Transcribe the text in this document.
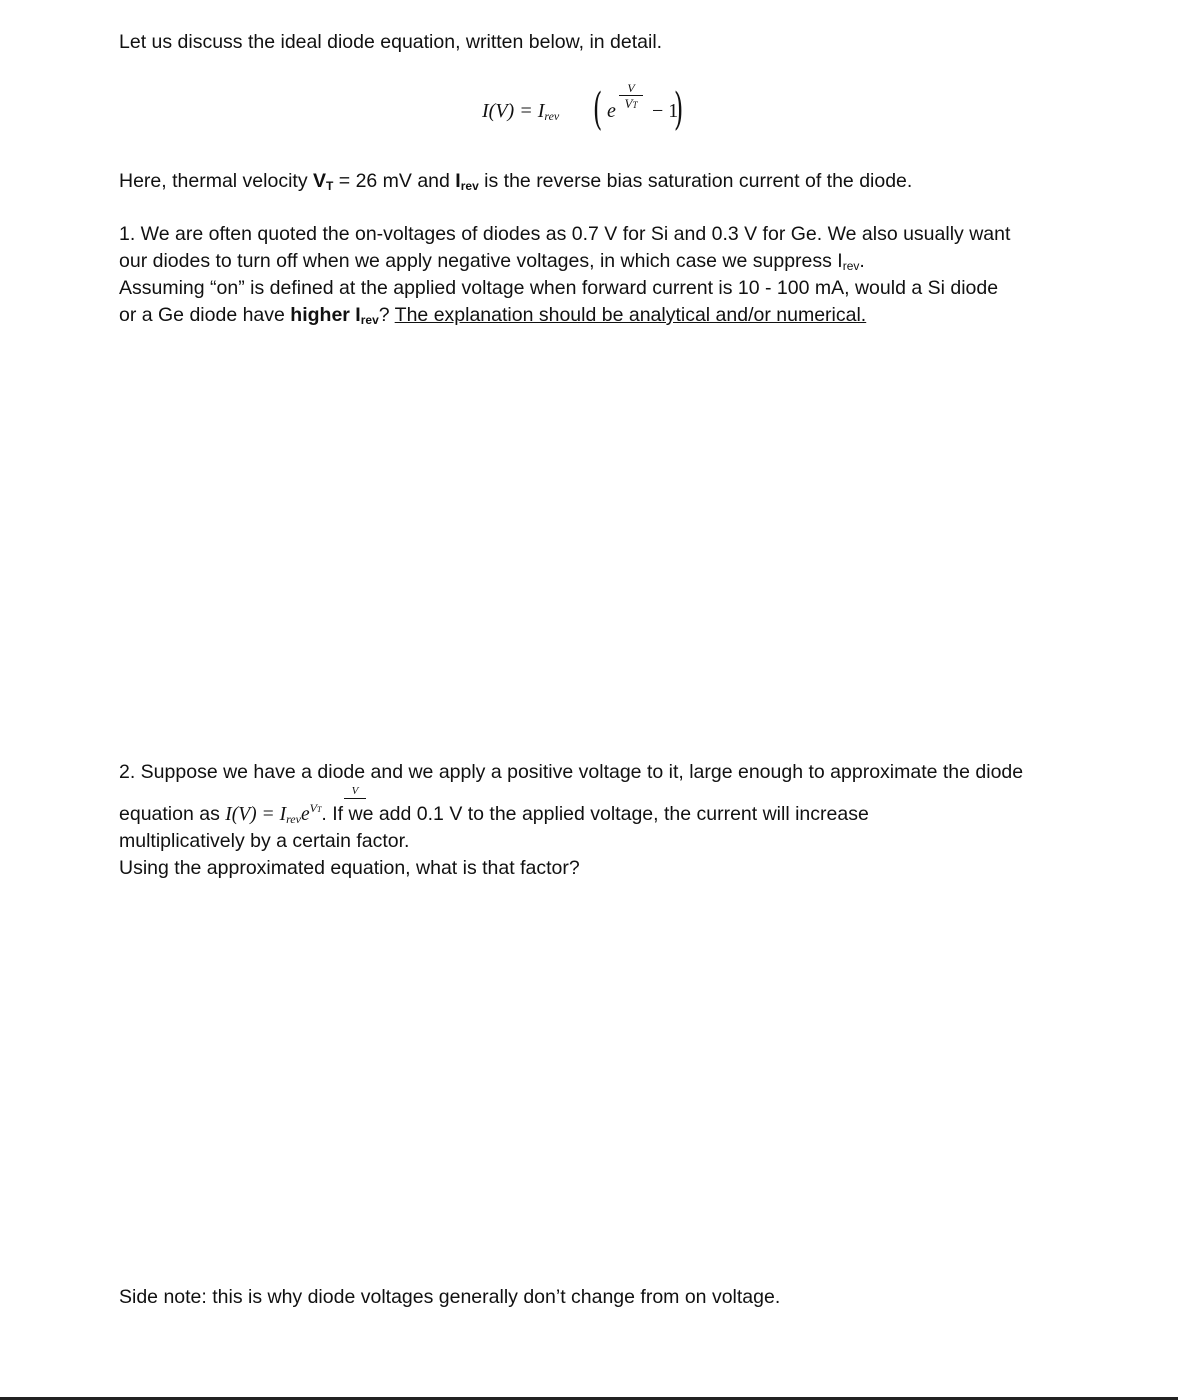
Let us discuss the ideal diode equation, written below, in detail.
$I(V) = I_{rev}$ ( e
V
VT − 1
)
Here, thermal velocity VT = 26 mV and Irev is the reverse bias saturation current of the diode.
1. We are often quoted the on-voltages of diodes as 0.7 V for Si and 0.3 V for Ge. We also usually want
our diodes to turn off when we apply negative voltages, in which case we suppress $I_{rev}$.
Assuming “on” is defined at the applied voltage when forward current is 10 - 100 mA, would a Si diode
or a Ge diode have higher Irev? The explanation should be analytical and/or numerical.
2. Suppose we have a diode and we apply a positive voltage to it, large enough to approximate the diode
V
equation as $I(V) = I_{rev}e^{VT}$. If we add 0.1 V to the applied voltage, the current will increase
multiplicatively by a certain factor.
Using the approximated equation, what is that factor?
Side note: this is why diode voltages generally don’t change from on voltage.
